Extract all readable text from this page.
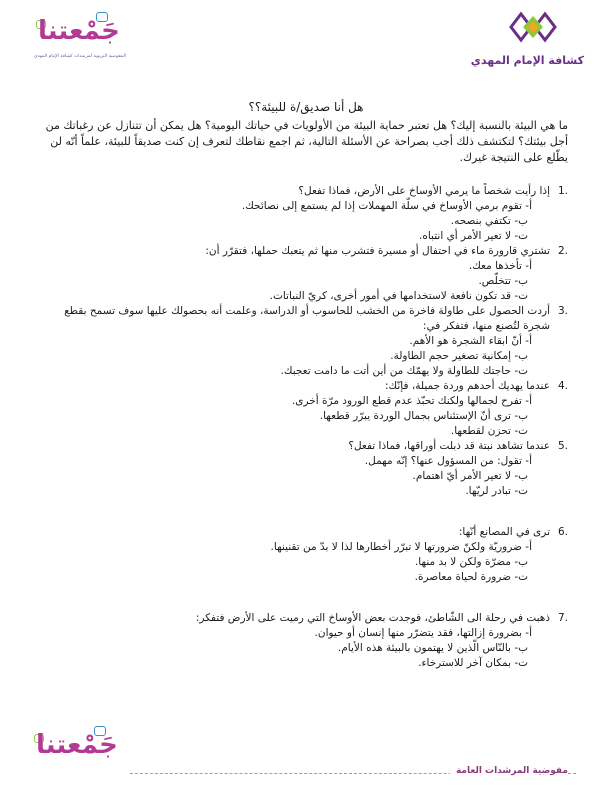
كشافة الإمام المهدي
جَمْعتنا
المفوضية التربوية لمرشدات كشافة الإمام المهدي
هل أنا صديق/ة للبيئة؟؟
ما هي البيئة بالنسبة إليك؟ هل تعتبر حماية البيئة من الأولويات في حياتك اليومية؟ هل يمكن أن تتنازل عن رغباتك من أجل بيئتك؟ لتكتشف ذلك أجب بصراحة عن الأسئلة التالية، ثم اجمع نقاطك لتعرف إن كنت صديقاً للبيئة، علماً أنّه لن يطّلع على النتيجة غيرك.
.1
إذا رأيت شخصاً ما يرمي الأوساخ على الأرض، فماذا تفعل؟
أ- تقوم برمي الأوساخ في سلّة المهملات إذا لم يستمع إلى نصائحك.
ب- تكتفي بنصحه.
ت- لا تعير الأمر أي انتباه.
.2
تشتري قارورة ماء في احتفال أو مسيرة فتشرب منها ثم يتعبك حملها، فتقرّر أن:
أ- تأخذها معك.
ب- تتخلّص.
ت- قد تكون نافعة لاستخدامها في أمور أخرى، كريّ النباتات.
.3
أردت الحصول على طاولة فاخرة من الخشب للحاسوب أو الدراسة، وعلمت أنه بحصولك عليها سوف تسمح بقطع شجرة لتُصنع منها، فتفكر في:
أ- أنّ ابقاء الشجرة هو الأهم.
ب- إمكانية تصغير حجم الطاولة.
ت- حاجتك للطاولة ولا يهمّك من أين أتت ما دامت تعجبك.
.4
عندما يهديك أحدهم وردة جميلة، فإنّك:
أ- تفرح لجمالها ولكنك تحبّذ عدم قطع الورود مرّة أخرى.
ب- ترى أنّ الإستئناس بجمال الوردة يبرّر قطعها.
ت- تحزن لقطعها.
.5
عندما تشاهد نبتة قد ذبلت أوراقها، فماذا تفعل؟
أ- تقول: من المسؤول عنها؟ إنّه مهمل.
ب- لا تعير الأمر أيّ اهتمام.
ت- تبادر لريّها.
.6
ترى في المصانع أنّها:
أ- ضروريّة ولكنّ ضرورتها لا تبرّر أخطارها لذا لا بدّ من تقنينها.
ب- مضرّة ولكن لا بد منها.
ت- ضرورة لحياة معاصرة.
.7
ذهبت في رحلة الى الشّاطئ، فوجدت بعض الأوساخ التي رميت على الأرض فتفكر:
أ- بضرورة إزالتها، فقد يتضرّر منها إنسان أو حيوان.
ب- بالنّاس الّذين لا يهتمون بالبيئة هذه الأيام.
ت- بمكان آخر للاسترخاء.
مفوضية المرشدات العامة
جَمْعتنا
